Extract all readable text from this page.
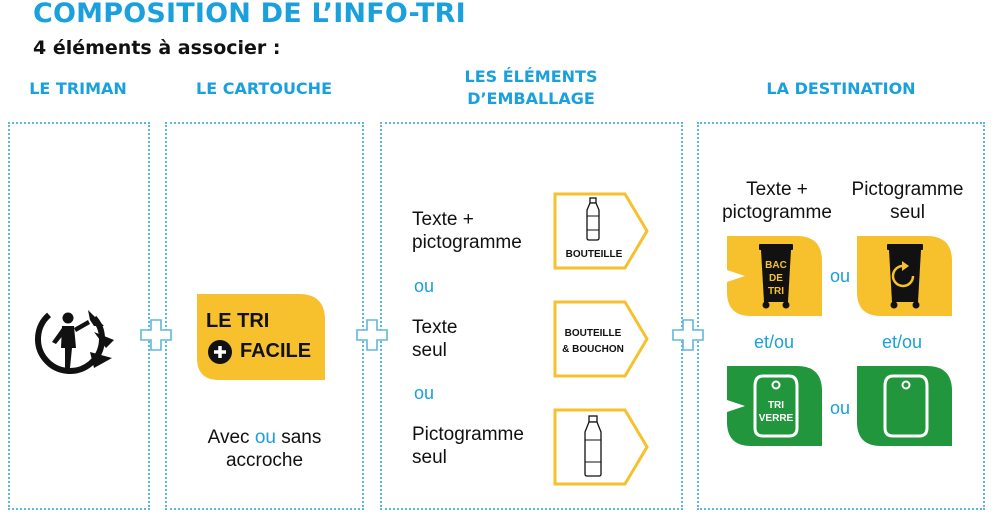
COMPOSITION DE L’INFO-TRI
4 éléments à associer :
LE TRIMAN	LE CARTOUCHE
LES ÉLÉMENTS
D’EMBALLAGE
LA DESTINATION
LE TRI
FACILE
Avec ou sans
accroche
Texte +
pictogramme
ou
Texte
seul
ou
Pictogramme
seul
BOUTEILLE
BOUTEILLE
& BOUCHON
Texte +
pictogramme
Pictogramme
seul
BAC
DE
TRI
ou
et/ou	et/ou
TRI
VERRE
ou
